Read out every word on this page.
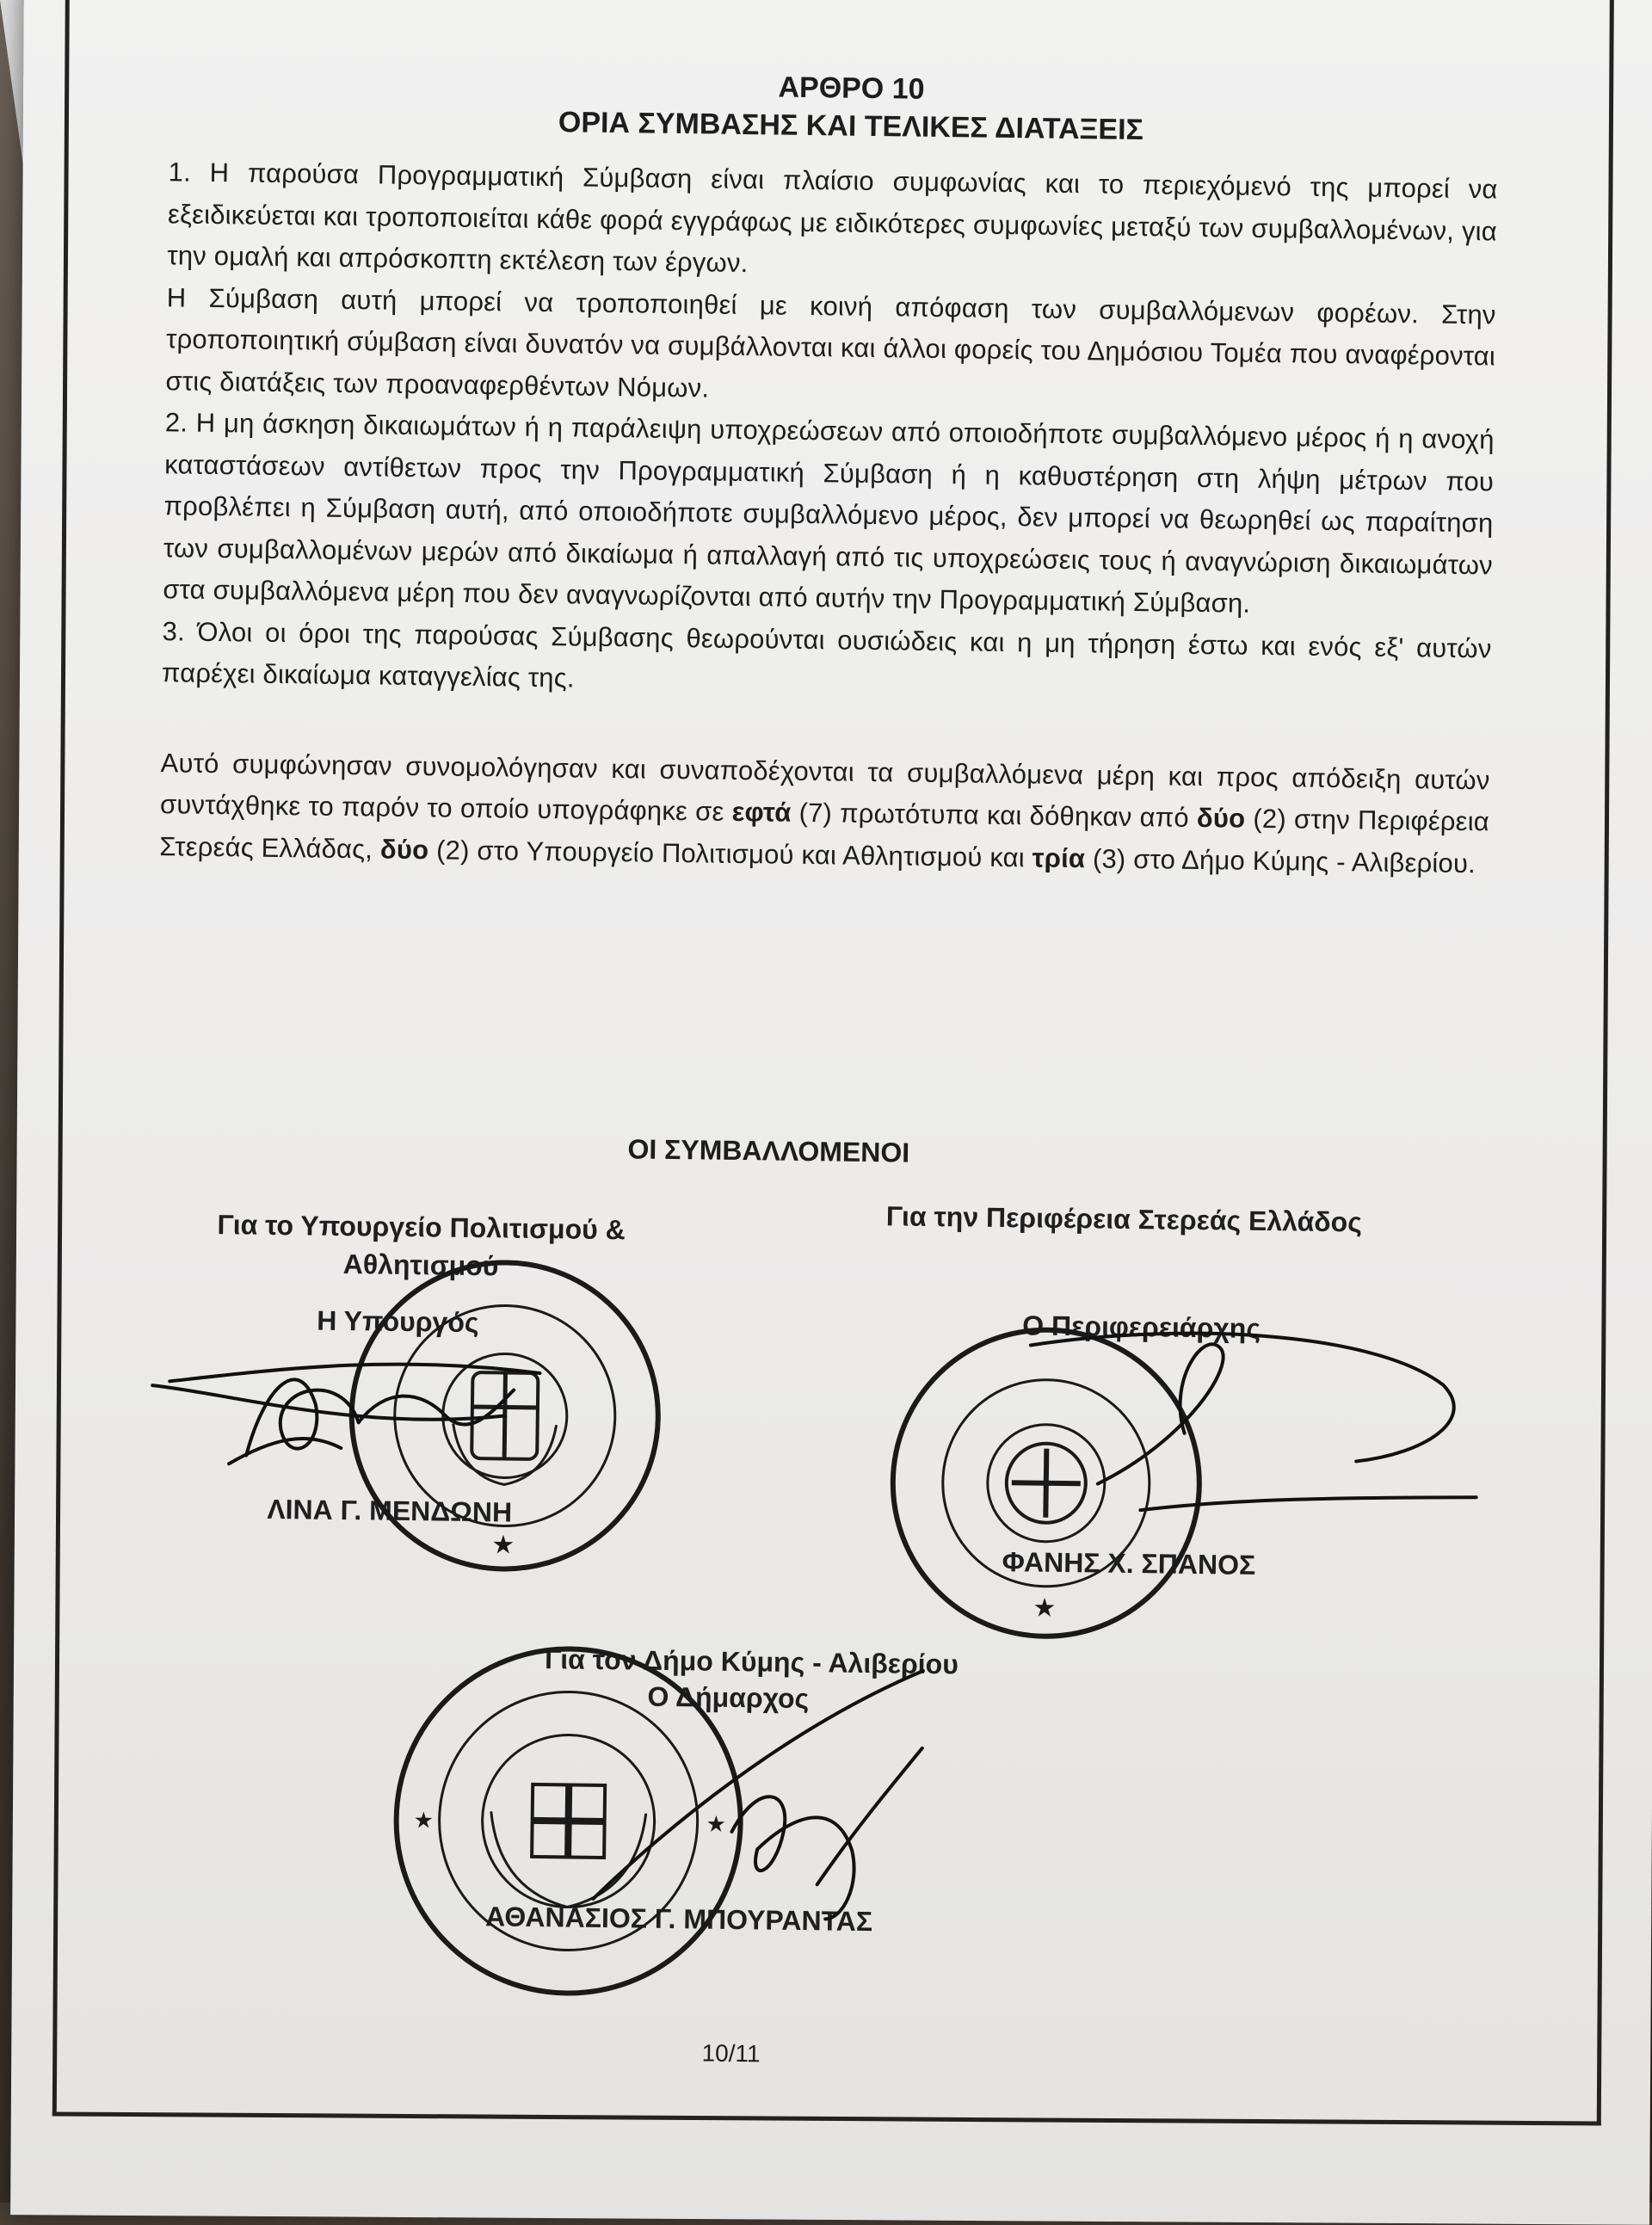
ΑΡΘΡΟ 10
ΟΡΙΑ ΣΥΜΒΑΣΗΣ ΚΑΙ ΤΕΛΙΚΕΣ ΔΙΑΤΑΞΕΙΣ

1. Η παρούσα Προγραμματική Σύμβαση είναι πλαίσιο συμφωνίας και το περιεχόμενό της μπορεί να εξειδικεύεται και τροποποιείται κάθε φορά εγγράφως με ειδικότερες συμφωνίες μεταξύ των συμβαλλομένων, για την ομαλή και απρόσκοπτη εκτέλεση των έργων.

Η Σύμβαση αυτή μπορεί να τροποποιηθεί με κοινή απόφαση των συμβαλλόμενων φορέων. Στην τροποποιητική σύμβαση είναι δυνατόν να συμβάλλονται και άλλοι φορείς του Δημόσιου Τομέα που αναφέρονται στις διατάξεις των προαναφερθέντων Νόμων.

2. Η μη άσκηση δικαιωμάτων ή η παράλειψη υποχρεώσεων από οποιοδήποτε συμβαλλόμενο μέρος ή η ανοχή καταστάσεων αντίθετων προς την Προγραμματική Σύμβαση ή η καθυστέρηση στη λήψη μέτρων που προβλέπει η Σύμβαση αυτή, από οποιοδήποτε συμβαλλόμενο μέρος, δεν μπορεί να θεωρηθεί ως παραίτηση των συμβαλλομένων μερών από δικαίωμα ή απαλλαγή από τις υποχρεώσεις τους ή αναγνώριση δικαιωμάτων στα συμβαλλόμενα μέρη που δεν αναγνωρίζονται από αυτήν την Προγραμματική Σύμβαση.

3. Όλοι οι όροι της παρούσας Σύμβασης θεωρούνται ουσιώδεις και η μη τήρηση έστω και ενός εξ' αυτών παρέχει δικαίωμα καταγγελίας της.

Αυτό συμφώνησαν συνομολόγησαν και συναποδέχονται τα συμβαλλόμενα μέρη και προς απόδειξη αυτών συντάχθηκε το παρόν το οποίο υπογράφηκε σε εφτά (7) πρωτότυπα και δόθηκαν από δύο (2) στην Περιφέρεια Στερεάς Ελλάδας, δύο (2) στο Υπουργείο Πολιτισμού και Αθλητισμού και τρία (3) στο Δήμο Κύμης - Αλιβερίου.

ΟΙ ΣΥΜΒΑΛΛΟΜΕΝΟΙ
Για το Υπουργείο Πολιτισμού &
Αθλητισμού
Η Υπουργός
ΛΙΝΑ Γ. ΜΕΝΔΩΝΗ
Για την Περιφέρεια Στερεάς Ελλάδος
Ο Περιφερειάρχης
ΦΑΝΗΣ Χ. ΣΠΑΝΟΣ
Για τον Δήμο Κύμης - Αλιβερίου
Ο Δήμαρχος
ΑΘΑΝΑΣΙΟΣ Γ. ΜΠΟΥΡΑΝΤΑΣ
★
★
★	★
10/11
